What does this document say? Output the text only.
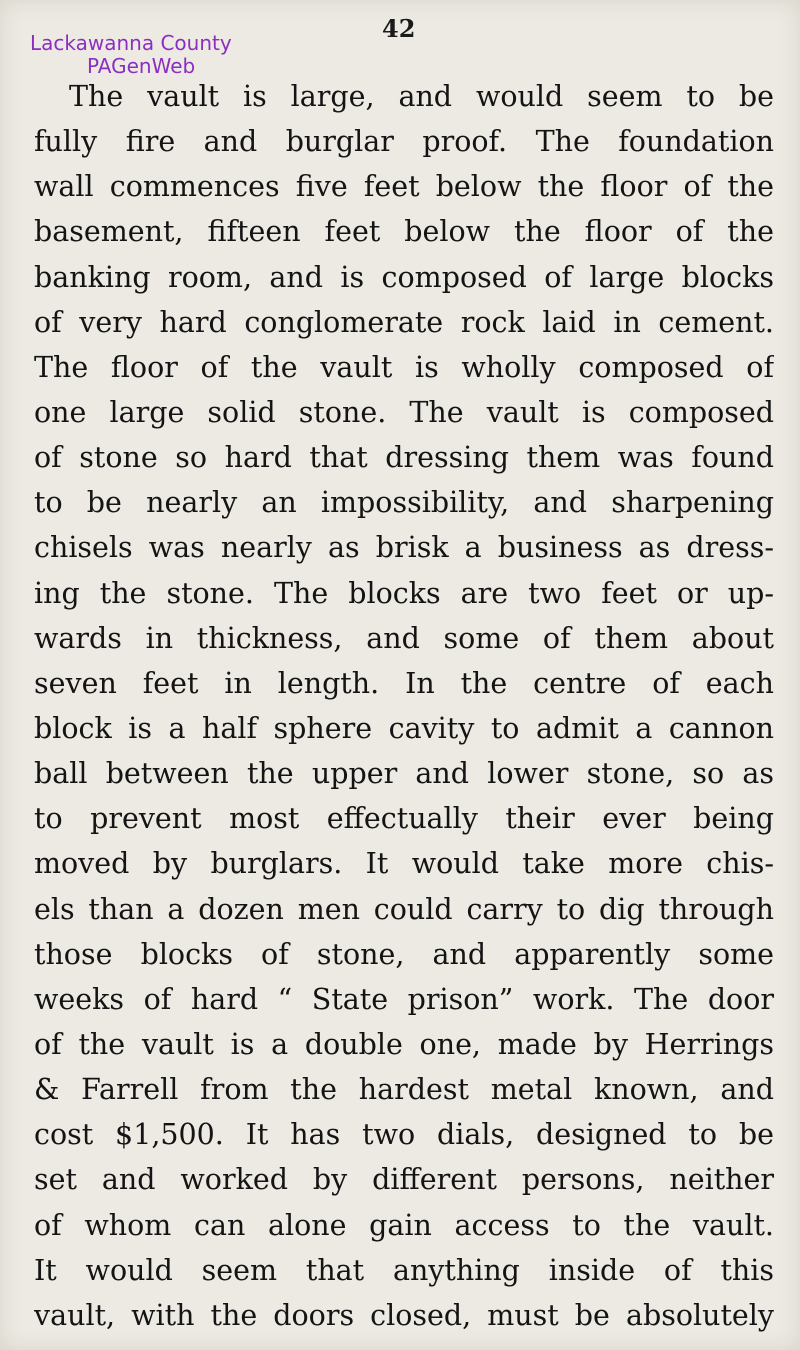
42
Lackawanna County
PAGenWeb
The vault is large, and would seem to be
fully fire and burglar proof. The foundation
wall commences five feet below the floor of the
basement, fifteen feet below the floor of the
banking room, and is composed of large blocks
of very hard conglomerate rock laid in cement.
The floor of the vault is wholly composed of
one large solid stone. The vault is composed
of stone so hard that dressing them was found
to be nearly an impossibility, and sharpening
chisels was nearly as brisk a business as dress-
ing the stone. The blocks are two feet or up-
wards in thickness, and some of them about
seven feet in length. In the centre of each
block is a half sphere cavity to admit a cannon
ball between the upper and lower stone, so as
to prevent most effectually their ever being
moved by burglars. It would take more chis-
els than a dozen men could carry to dig through
those blocks of stone, and apparently some
weeks of hard “ State prison” work. The door
of the vault is a double one, made by Herrings
& Farrell from the hardest metal known, and
cost $1,500. It has two dials, designed to be
set and worked by different persons, neither
of whom can alone gain access to the vault.
It would seem that anything inside of this
vault, with the doors closed, must be absolutely
